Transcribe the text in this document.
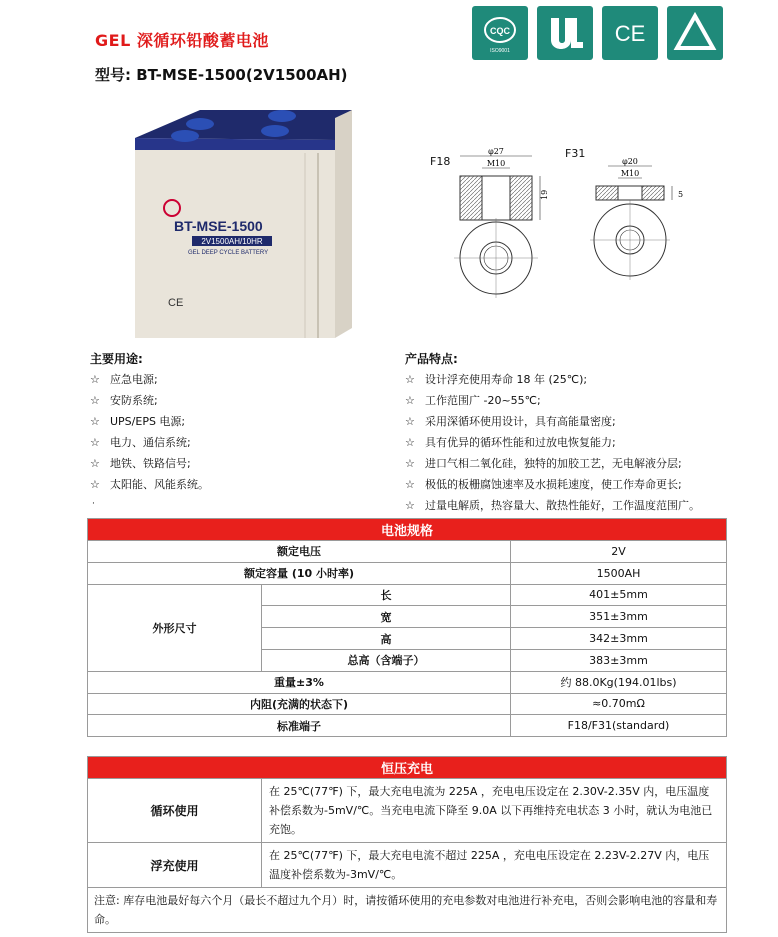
GEL 深循环铅酸蓄电池
型号: BT-MSE-1500(2V1500AH)
CQC
ISO9001
CE
BT-MSE-1500
2V1500AH/10HR
GEL DEEP CYCLE BATTERY
CE
F18
F31
φ27
M10
19
φ20
M10
5
主要用途:
☆ 应急电源;
☆ 安防系统;
☆ UPS/EPS 电源;
☆ 电力、通信系统;
☆ 地铁、铁路信号;
☆ 太阳能、风能系统。
·
产品特点:
☆ 设计浮充使用寿命 18 年 (25℃);
☆ 工作范围广 -20~55℃;
☆ 采用深循环使用设计，具有高能量密度;
☆ 具有优异的循环性能和过放电恢复能力;
☆ 进口气相二氧化硅，独特的加胶工艺，无电解液分层;
☆ 极低的板栅腐蚀速率及水损耗速度，使工作寿命更长;
☆ 过量电解质，热容量大、散热性能好，工作温度范围广。
电池规格		
额定电压		2V
额定容量 (10 小时率)		1500AH
外形尺寸	长	401±5mm
	宽	351±3mm
	高	342±3mm
	总高（含端子）	383±3mm
重量±3%		约 88.0Kg(194.01lbs)
内阻(充满的状态下)		≈0.70mΩ
标准端子		F18/F31(standard)
恒压充电	
循环使用	在 25℃(77℉) 下，最大充电电流为 225A ，充电电压设定在 2.30V-2.35V 内，电压温度补偿系数为-5mV/℃。当充电电流下降至 9.0A 以下再维持充电状态 3 小时，就认为电池已充饱。
浮充使用	在 25℃(77℉) 下，最大充电电流不超过 225A ，充电电压设定在 2.23V-2.27V 内，电压温度补偿系数为-3mV/℃。
注意: 库存电池最好每六个月（最长不超过九个月）时，请按循环使用的充电参数对电池进行补充电，否则会影响电池的容量和寿命。	
